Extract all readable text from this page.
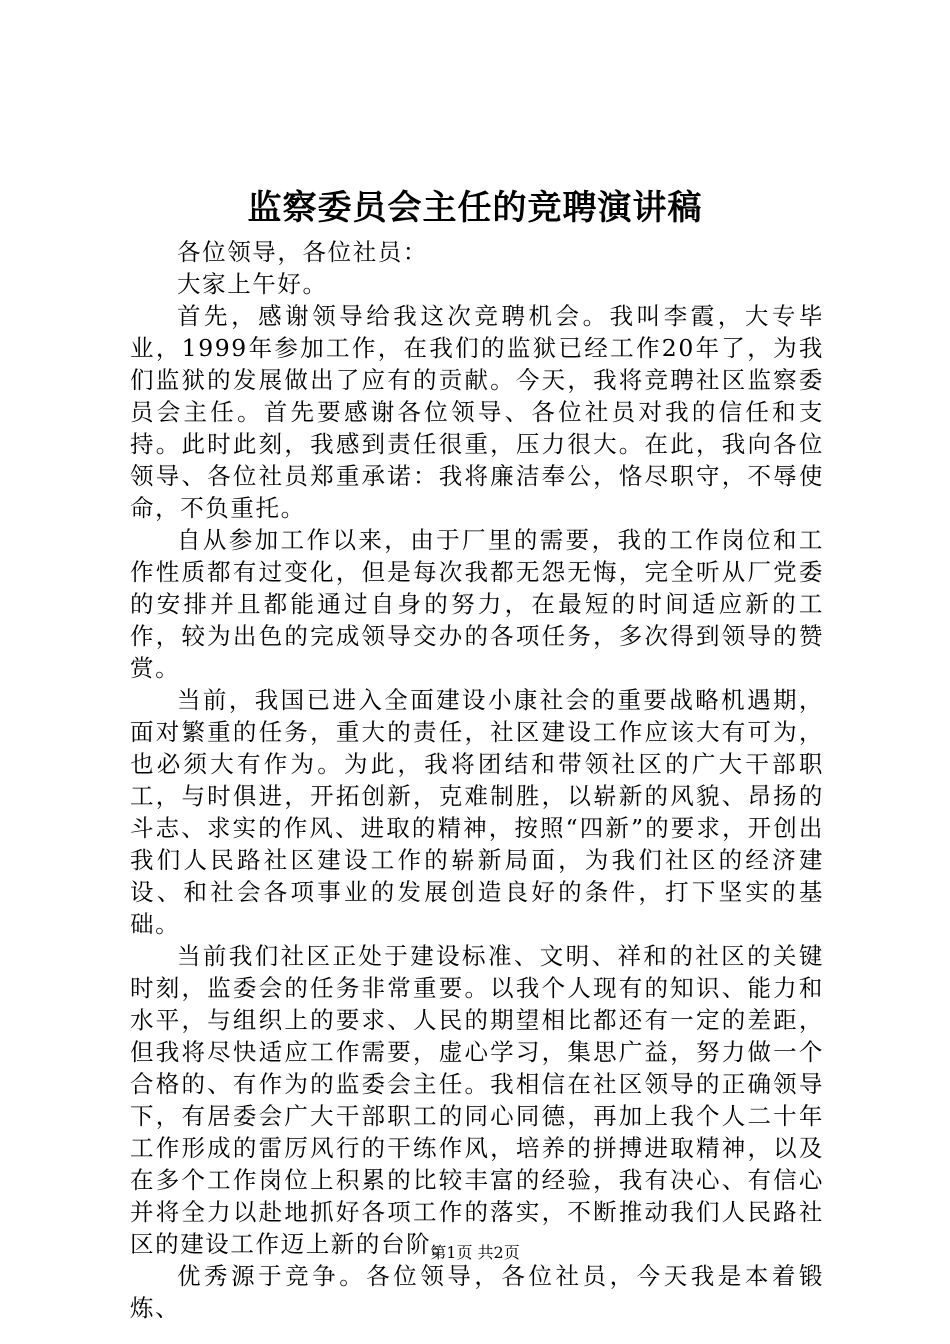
监察委员会主任的竞聘演讲稿

各位领导，各位社员：

大家上午好。

首先，感谢领导给我这次竞聘机会。我叫李霞，大专毕业，1999年参加工作，在我们的监狱已经工作20年了，为我们监狱的发展做出了应有的贡献。今天，我将竞聘社区监察委员会主任。首先要感谢各位领导、各位社员对我的信任和支持。此时此刻，我感到责任很重，压力很大。在此，我向各位领导、各位社员郑重承诺：我将廉洁奉公，恪尽职守，不辱使命，不负重托。

自从参加工作以来，由于厂里的需要，我的工作岗位和工作性质都有过变化，但是每次我都无怨无悔，完全听从厂党委的安排并且都能通过自身的努力，在最短的时间适应新的工作，较为出色的完成领导交办的各项任务，多次得到领导的赞赏。

当前，我国已进入全面建设小康社会的重要战略机遇期，面对繁重的任务，重大的责任，社区建设工作应该大有可为，也必须大有作为。为此，我将团结和带领社区的广大干部职工，与时俱进，开拓创新，克难制胜，以崭新的风貌、昂扬的斗志、求实的作风、进取的精神，按照“四新”的要求，开创出我们人民路社区建设工作的崭新局面，为我们社区的经济建设、和社会各项事业的发展创造良好的条件，打下坚实的基础。

当前我们社区正处于建设标准、文明、祥和的社区的关键时刻，监委会的任务非常重要。以我个人现有的知识、能力和水平，与组织上的要求、人民的期望相比都还有一定的差距，但我将尽快适应工作需要，虚心学习，集思广益，努力做一个合格的、有作为的监委会主任。我相信在社区领导的正确领导下，有居委会广大干部职工的同心同德，再加上我个人二十年工作形成的雷厉风行的干练作风，培养的拼搏进取精神，以及在多个工作岗位上积累的比较丰富的经验，我有决心、有信心并将全力以赴地抓好各项工作的落实，不断推动我们人民路社区的建设工作迈上新的台阶。

优秀源于竞争。各位领导，各位社员，今天我是本着锻炼、

第1页 共2页
